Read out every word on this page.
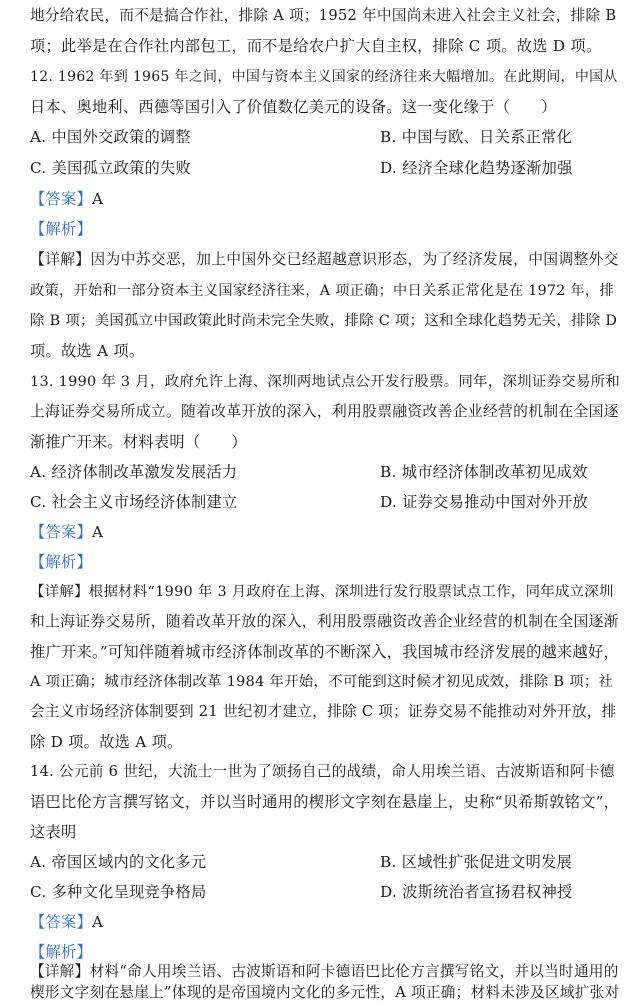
地分给农民，而不是搞合作社，排除 A 项；1952 年中国尚未进入社会主义社会，排除 B
项；此举是在合作社内部包工，而不是给农户扩大自主权，排除 C 项。故选 D 项。
12. 1962 年到 1965 年之间，中国与资本主义国家的经济往来大幅增加。在此期间，中国从
日本、奥地利、西德等国引入了价值数亿美元的设备。这一变化缘于（　　）
A. 中国外交政策的调整	B. 中国与欧、日关系正常化
C. 美国孤立政策的失败	D. 经济全球化趋势逐渐加强
【答案】A
【解析】
【详解】因为中苏交恶，加上中国外交已经超越意识形态，为了经济发展，中国调整外交
政策，开始和一部分资本主义国家经济往来，A 项正确；中日关系正常化是在 1972 年，排
除 B 项；美国孤立中国政策此时尚未完全失败，排除 C 项；这和全球化趋势无关，排除 D
项。故选 A 项。
13. 1990 年 3 月，政府允许上海、深圳两地试点公开发行股票。同年，深圳证券交易所和
上海证券交易所成立。随着改革开放的深入，利用股票融资改善企业经营的机制在全国逐
渐推广开来。材料表明（　　）
A. 经济体制改革激发发展活力	B. 城市经济体制改革初见成效
C. 社会主义市场经济体制建立	D. 证券交易推动中国对外开放
【答案】A
【解析】
【详解】根据材料“1990 年 3 月政府在上海、深圳进行发行股票试点工作，同年成立深圳
和上海证券交易所，随着改革开放的深入，利用股票融资改善企业经营的机制在全国逐渐
推广开来。”可知伴随着城市经济体制改革的不断深入，我国城市经济发展的越来越好，
A 项正确；城市经济体制改革 1984 年开始，不可能到这时候才初见成效，排除 B 项；社
会主义市场经济体制要到 21 世纪初才建立，排除 C 项；证券交易不能推动对外开放，排
除 D 项。故选 A 项。
14. 公元前 6 世纪，大流士一世为了颂扬自己的战绩，命人用埃兰语、古波斯语和阿卡德
语巴比伦方言撰写铭文，并以当时通用的楔形文字刻在悬崖上，史称“贝希斯敦铭文”，
这表明
A. 帝国区域内的文化多元	B. 区域性扩张促进文明发展
C. 多种文化呈现竞争格局	D. 波斯统治者宣扬君权神授
【答案】A
【解析】
【详解】材料“命人用埃兰语、古波斯语和阿卡德语巴比伦方言撰写铭文，并以当时通用的
楔形文字刻在悬崖上”体现的是帝国境内文化的多元性，A 项正确；材料未涉及区域扩张对
